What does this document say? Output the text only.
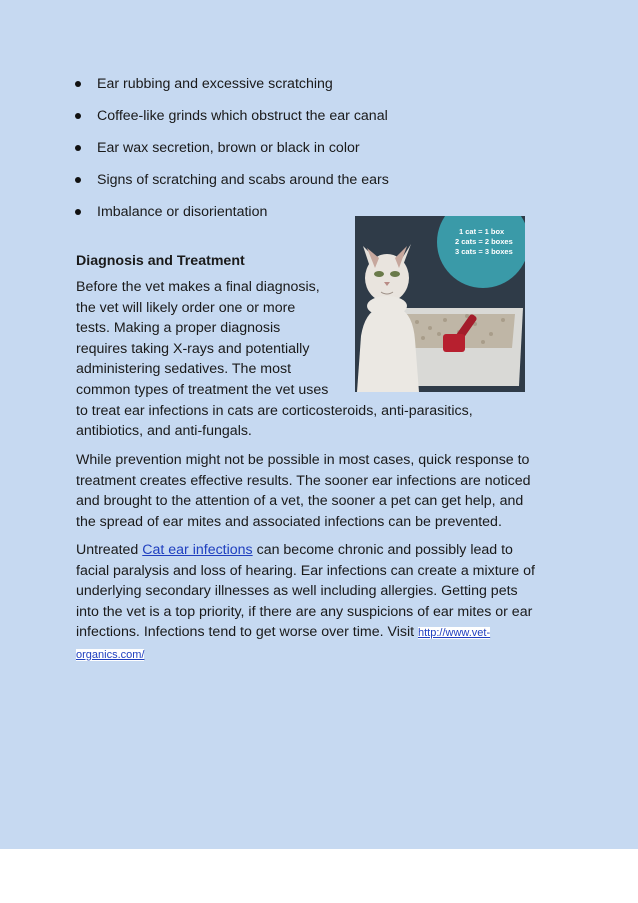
Ear rubbing and excessive scratching
Coffee-like grinds which obstruct the ear canal
Ear wax secretion, brown or black in color
Signs of scratching and scabs around the ears
Imbalance or disorientation
1 cat = 1 box
2 cats = 2 boxes
3 cats = 3 boxes
Diagnosis and Treatment

Before the vet makes a final diagnosis,
the vet will likely order one or more
tests. Making a proper diagnosis
requires taking X-rays and potentially
administering sedatives. The most
common types of treatment the vet uses
to treat ear infections in cats are corticosteroids, anti-parasitics,
antibiotics, and anti-fungals.

While prevention might not be possible in most cases, quick response to
treatment creates effective results. The sooner ear infections are noticed
and brought to the attention of a vet, the sooner a pet can get help, and
the spread of ear mites and associated infections can be prevented.

Untreated Cat ear infections can become chronic and possibly lead to
facial paralysis and loss of hearing. Ear infections can create a mixture of
underlying secondary illnesses as well including allergies. Getting pets
into the vet is a top priority, if there are any suspicions of ear mites or ear
infections. Infections tend to get worse over time. Visit http://www.vet-
organics.com/
